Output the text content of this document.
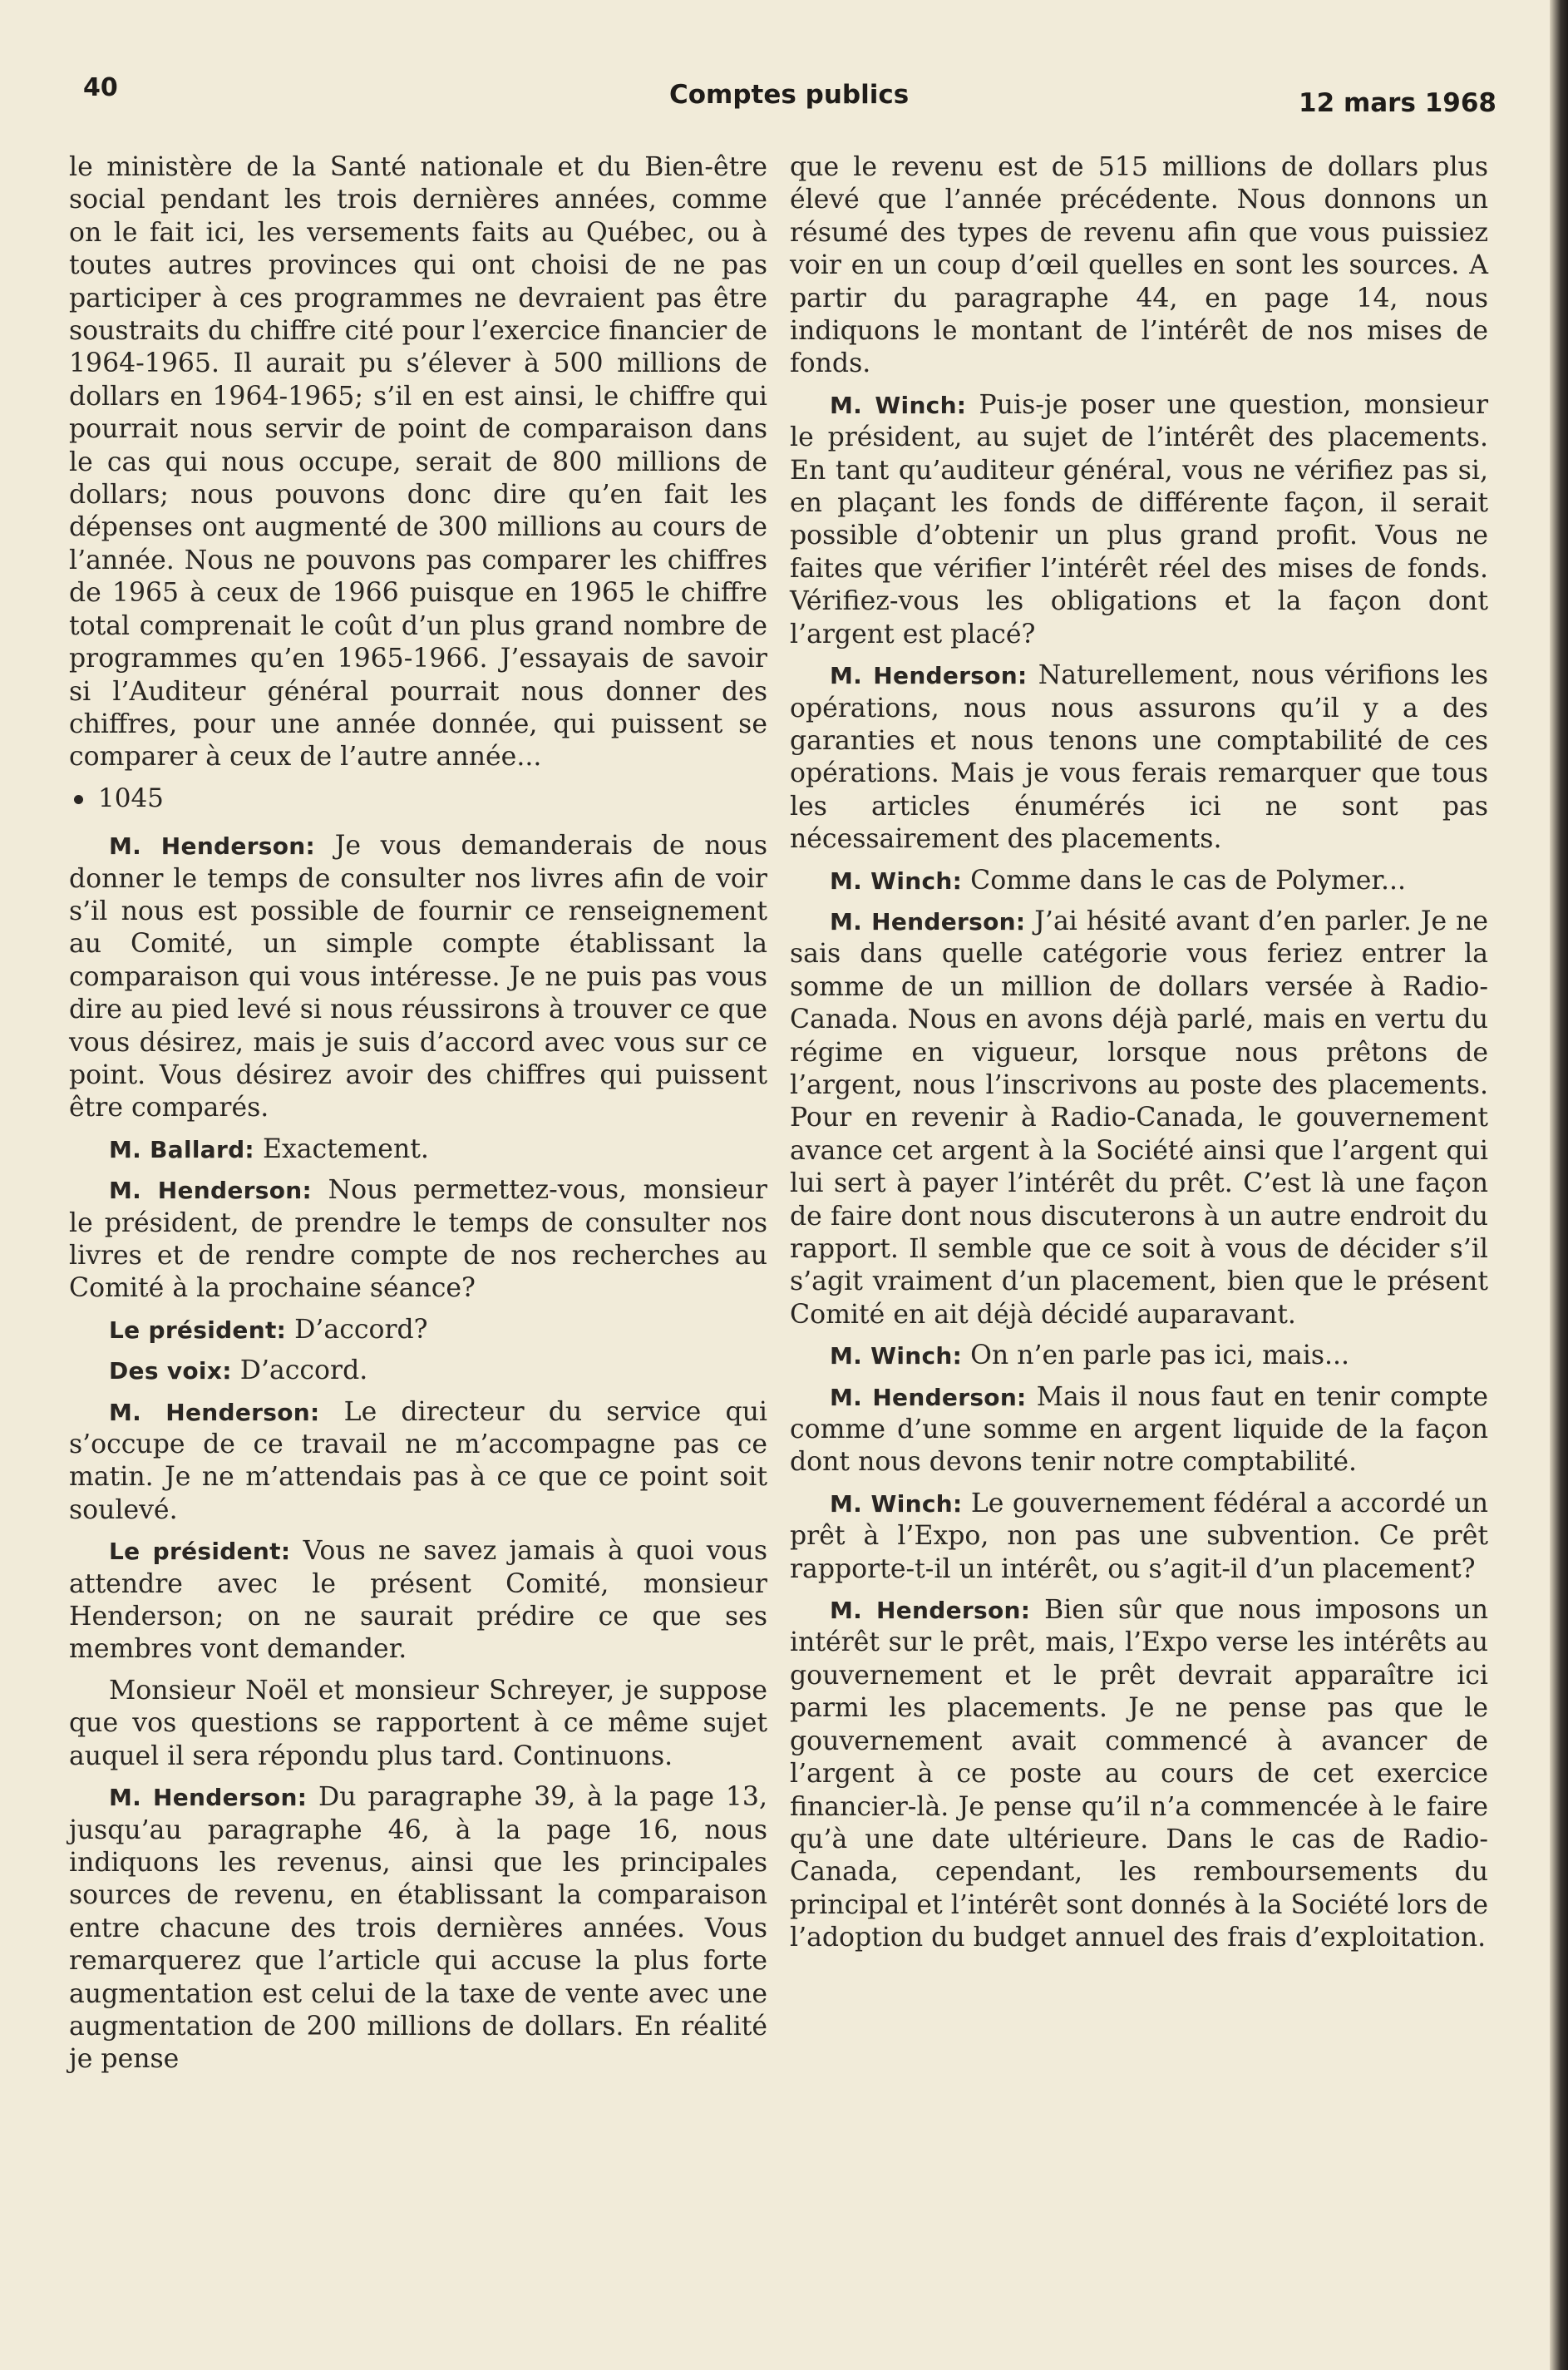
40	Comptes publics	12 mars 1968

le ministère de la Santé nationale et du Bien-être social pendant les trois dernières années, comme on le fait ici, les versements faits au Québec, ou à toutes autres provinces qui ont choisi de ne pas participer à ces programmes ne devraient pas être soustraits du chiffre cité pour l’exercice financier de 1964-1965. Il aurait pu s’élever à 500 millions de dollars en 1964-1965; s’il en est ainsi, le chiffre qui pourrait nous servir de point de comparaison dans le cas qui nous occupe, serait de 800 millions de dollars; nous pouvons donc dire qu’en fait les dépenses ont augmenté de 300 millions au cours de l’année. Nous ne pouvons pas comparer les chiffres de 1965 à ceux de 1966 puisque en 1965 le chiffre total comprenait le coût d’un plus grand nombre de programmes qu’en 1965-1966. J’essayais de savoir si l’Auditeur général pourrait nous donner des chiffres, pour une année donnée, qui puissent se comparer à ceux de l’autre année...

1045

M. Henderson: Je vous demanderais de nous donner le temps de consulter nos livres afin de voir s’il nous est possible de fournir ce renseignement au Comité, un simple compte établissant la comparaison qui vous intéresse. Je ne puis pas vous dire au pied levé si nous réussirons à trouver ce que vous désirez, mais je suis d’accord avec vous sur ce point. Vous désirez avoir des chiffres qui puissent être comparés.

M. Ballard: Exactement.

M. Henderson: Nous permettez-vous, monsieur le président, de prendre le temps de consulter nos livres et de rendre compte de nos recherches au Comité à la prochaine séance?

Le président: D’accord?

Des voix: D’accord.

M. Henderson: Le directeur du service qui s’occupe de ce travail ne m’accompagne pas ce matin. Je ne m’attendais pas à ce que ce point soit soulevé.

Le président: Vous ne savez jamais à quoi vous attendre avec le présent Comité, monsieur Henderson; on ne saurait prédire ce que ses membres vont demander.

Monsieur Noël et monsieur Schreyer, je suppose que vos questions se rapportent à ce même sujet auquel il sera répondu plus tard. Continuons.

M. Henderson: Du paragraphe 39, à la page 13, jusqu’au paragraphe 46, à la page 16, nous indiquons les revenus, ainsi que les principales sources de revenu, en établissant la comparaison entre chacune des trois dernières années. Vous remarquerez que l’article qui accuse la plus forte augmentation est celui de la taxe de vente avec une augmentation de 200 millions de dollars. En réalité je pense

que le revenu est de 515 millions de dollars plus élevé que l’année précédente. Nous donnons un résumé des types de revenu afin que vous puissiez voir en un coup d’œil quelles en sont les sources. A partir du paragraphe 44, en page 14, nous indiquons le montant de l’intérêt de nos mises de fonds.

M. Winch: Puis-je poser une question, monsieur le président, au sujet de l’intérêt des placements. En tant qu’auditeur général, vous ne vérifiez pas si, en plaçant les fonds de différente façon, il serait possible d’obtenir un plus grand profit. Vous ne faites que vérifier l’intérêt réel des mises de fonds. Vérifiez-vous les obligations et la façon dont l’argent est placé?

M. Henderson: Naturellement, nous vérifions les opérations, nous nous assurons qu’il y a des garanties et nous tenons une comptabilité de ces opérations. Mais je vous ferais remarquer que tous les articles énumérés ici ne sont pas nécessairement des placements.

M. Winch: Comme dans le cas de Polymer...

M. Henderson: J’ai hésité avant d’en parler. Je ne sais dans quelle catégorie vous feriez entrer la somme de un million de dollars versée à Radio-Canada. Nous en avons déjà parlé, mais en vertu du régime en vigueur, lorsque nous prêtons de l’argent, nous l’inscrivons au poste des placements. Pour en revenir à Radio-Canada, le gouvernement avance cet argent à la Société ainsi que l’argent qui lui sert à payer l’intérêt du prêt. C’est là une façon de faire dont nous discuterons à un autre endroit du rapport. Il semble que ce soit à vous de décider s’il s’agit vraiment d’un placement, bien que le présent Comité en ait déjà décidé auparavant.

M. Winch: On n’en parle pas ici, mais...

M. Henderson: Mais il nous faut en tenir compte comme d’une somme en argent liquide de la façon dont nous devons tenir notre comptabilité.

M. Winch: Le gouvernement fédéral a accordé un prêt à l’Expo, non pas une subvention. Ce prêt rapporte-t-il un intérêt, ou s’agit-il d’un placement?

M. Henderson: Bien sûr que nous imposons un intérêt sur le prêt, mais, l’Expo verse les intérêts au gouvernement et le prêt devrait apparaître ici parmi les placements. Je ne pense pas que le gouvernement avait commencé à avancer de l’argent à ce poste au cours de cet exercice financier-là. Je pense qu’il n’a commencée à le faire qu’à une date ultérieure. Dans le cas de Radio-Canada, cependant, les remboursements du principal et l’intérêt sont donnés à la Société lors de l’adoption du budget annuel des frais d’exploitation.
